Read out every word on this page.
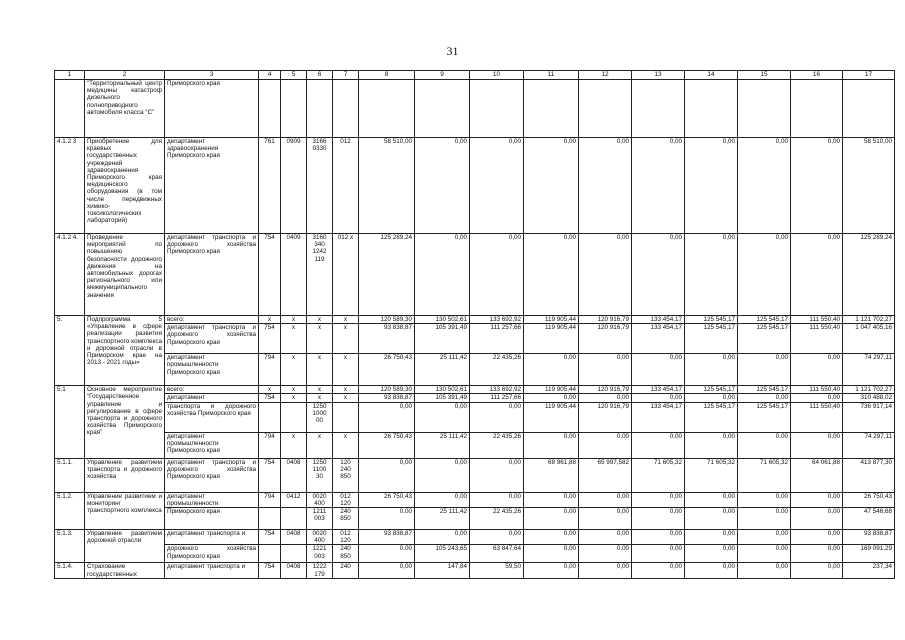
31
1	2	3	4	5	6	7	8	9	10	11	12	13	14	15	16	17
	“Территориальный центр медицины катастроф дизельного полноприводного автомобиля класса “С”	Приморского края														
4.1.2 3	Приобретение для краевых государственных учреждений здравоохранения Приморского края медицинского оборудования (в том числе передвижных химико-токсикологических лабораторий)	департамент здравоохранения Приморского края	761	0909	3166 0330	012	58 510,00	0,00	0,00	0,00	0,00	0,00	0,00	0,00	0,00	58 510,00
4.1.2 4.	Проведение мероприятий по повышению безопасности дорожного движения на автомобильных дорогах регионального или межмуниципального значения	департамент транспорта и дорожного хозяйства Приморского края	754	0409	3160 340 1242 119	012 x	125 289,24	0,00	0,00	0,00	0,00	0,00	0,00	0,00	0,00	125 289,24
5.	Подпрограмма 5 «Управление в сфере реализации развития транспортного комплекса и дорожной отрасли в Приморском крае на 2013 - 2021 годы»	всего:	x	x	x	x	120 589,30	130 502,61	133 692,92	119 905,44	120 916,79	133 454,17	125 545,17	125 545,17	111 550,40	1 121 702,27
		департамент транспорта и дорожного хозяйства Приморского края	754	x	x	x	93 838,87	105 391,49	111 257,66	119 905,44	120 916,79	133 454,17	125 545,17	125 545,17	111 550,40	1 047 405,16
		департамент промышленности Приморского края	794	x	x	x	26 750,43	25 111,42	22 435,26	0,00	0,00	0,00	0,00	0,00	0,00	74 297,11
5.1	Основное мероприятие “Государственное управление и регулирование в сфере транспорта и дорожного хозяйства Приморского края”	всего:	x	x	x	x	120 589,30	130 502,61	133 692,92	119 905,44	120 916,79	133 454,17	125 545,17	125 545,17	111 550,40	1 121 702,27
		департамент	754	x	x	x	93 838,87	105 391,49	111 257,66	0,00	0,00	0,00	0,00	0,00	0,00	310 488,02
		транспорта и дорожного хозяйства Приморского края			1250 1000 00		0,00	0,00	0,00	119 905,44	120 916,79	133 454,17	125 545,17	125 545,17	111 550,40	736 917,14
		департамент промышленности Приморского края	794	x	x	x	26 750,43	25 111,42	22 435,26	0,00	0,00	0,00	0,00	0,00	0,00	74 297,11
5.1.1.	Управление развитием транспорта и дорожного хозяйства	департамент транспорта и дорожного хозяйства Приморского края	754	0408	1250 1100 30	120 240 850	0,00	0,00	0,00	68 961,88	65 997,582	71 605,32	71 605,32	71 605,32	64 061,88	413 877,30
5.1.2.	Управление развитием и мониторинг транспортного комплекса	департамент промышленности	794	0412	0020 400	012 120	26 750,43	0,00	0,00	0,00	0,00	0,00	0,00	0,00	0,00	26 750,43
		Приморского края			1211 003	240 850	0,00	25 111,42	22 435,26	0,00	0,00	0,00	0,00	0,00	0,00	47 546,68
5.1.3.	Управление развитием дорожной отрасли	департамент транспорта и	754	0408	0020 400	012 120	93 838,87	0,00	0,00	0,00	0,00	0,00	0,00	0,00	0,00	93 838,87
		дорожного хозяйства Приморского края			1221 003	240 850	0,00	105 243,65	63 847,64	0,00	0,00	0,00	0,00	0,00	0,00	169 091,29
5.1.4.	Страхование государственных	департамент транспорта и	754	0408	1222 179	240	0,00	147,84	59,50	0,00	0,00	0,00	0,00	0,00	0,00	237,34
